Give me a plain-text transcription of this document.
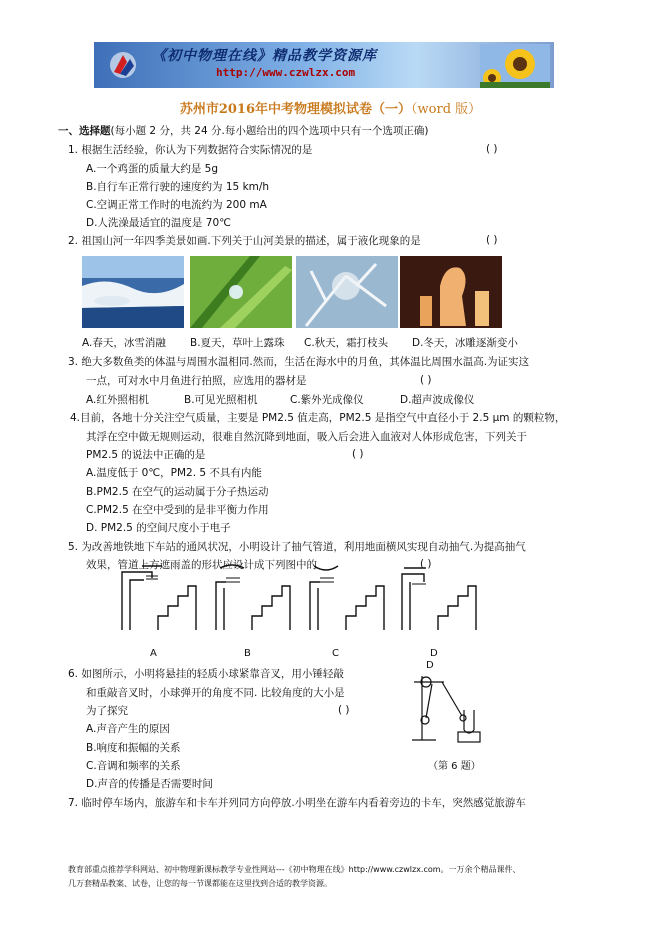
《初中物理在线》精品教学资源库
http://www.czwlzx.com
苏州市2016年中考物理模拟试卷（一）（word 版）
一、选择题(每小题 2 分，共 24 分.每小题给出的四个选项中只有一个选项正确)
1. 根据生活经验，你认为下列数据符合实际情况的是	( )
A.一个鸡蛋的质量大约是 5g
B.自行车正常行驶的速度约为 15 km/h
C.空调正常工作时的电流约为 200 mA
D.人洗澡最适宜的温度是 70℃
2. 祖国山河一年四季美景如画.下列关于山河美景的描述，属于液化现象的是	( )
A.春天，冰雪消融 B.夏天，草叶上露珠 C.秋天，霜打枝头 D.冬天，冰雕逐渐变小
3. 绝大多数鱼类的体温与周围水温相同.然而，生活在海水中的月鱼，其体温比周围水温高.为证实这
一点，可对水中月鱼进行拍照，应选用的器材是	( )
A.红外照相机	B.可见光照相机	C.紫外光成像仪	D.超声波成像仪
4.目前，各地十分关注空气质量，主要是 PM2.5 值走高，PM2.5 是指空气中直径小于 2.5 μm 的颗粒物，
其浮在空中做无规则运动，很难自然沉降到地面，吸入后会进入血液对人体形成危害，下列关于
PM2.5 的说法中正确的是	( )
A.温度低于 0℃，PM2. 5 不具有内能
B.PM2.5 在空气的运动属于分子热运动
C.PM2.5 在空中受到的是非平衡力作用
D. PM2.5 的空间尺度小于电子
5. 为改善地铁地下车站的通风状况，小明设计了抽气管道，利用地面横风实现自动抽气.为提高抽气
效果，管道上方遮雨盖的形状应设计成下列图中的	( )
A	B	C	D
6. 如图所示，小明将悬挂的轻质小球紧靠音叉，用小锤轻敲
和重敲音叉时，小球弹开的角度不同. 比较角度的大小是
为了探究	( )
A.声音产生的原因
B.响度和振幅的关系
C.音调和频率的关系
D.声音的传播是否需要时间
D
（第 6 题）
7. 临时停车场内，旅游车和卡车并列同方向停放.小明坐在游车内看着旁边的卡车，突然感觉旅游车
教育部重点推荐学科网站、初中物理新课标教学专业性网站---《初中物理在线》http://www.czwlzx.com。一万余个精品课件、
几万套精品教案、试卷，让您的每一节课都能在这里找到合适的教学资源。
